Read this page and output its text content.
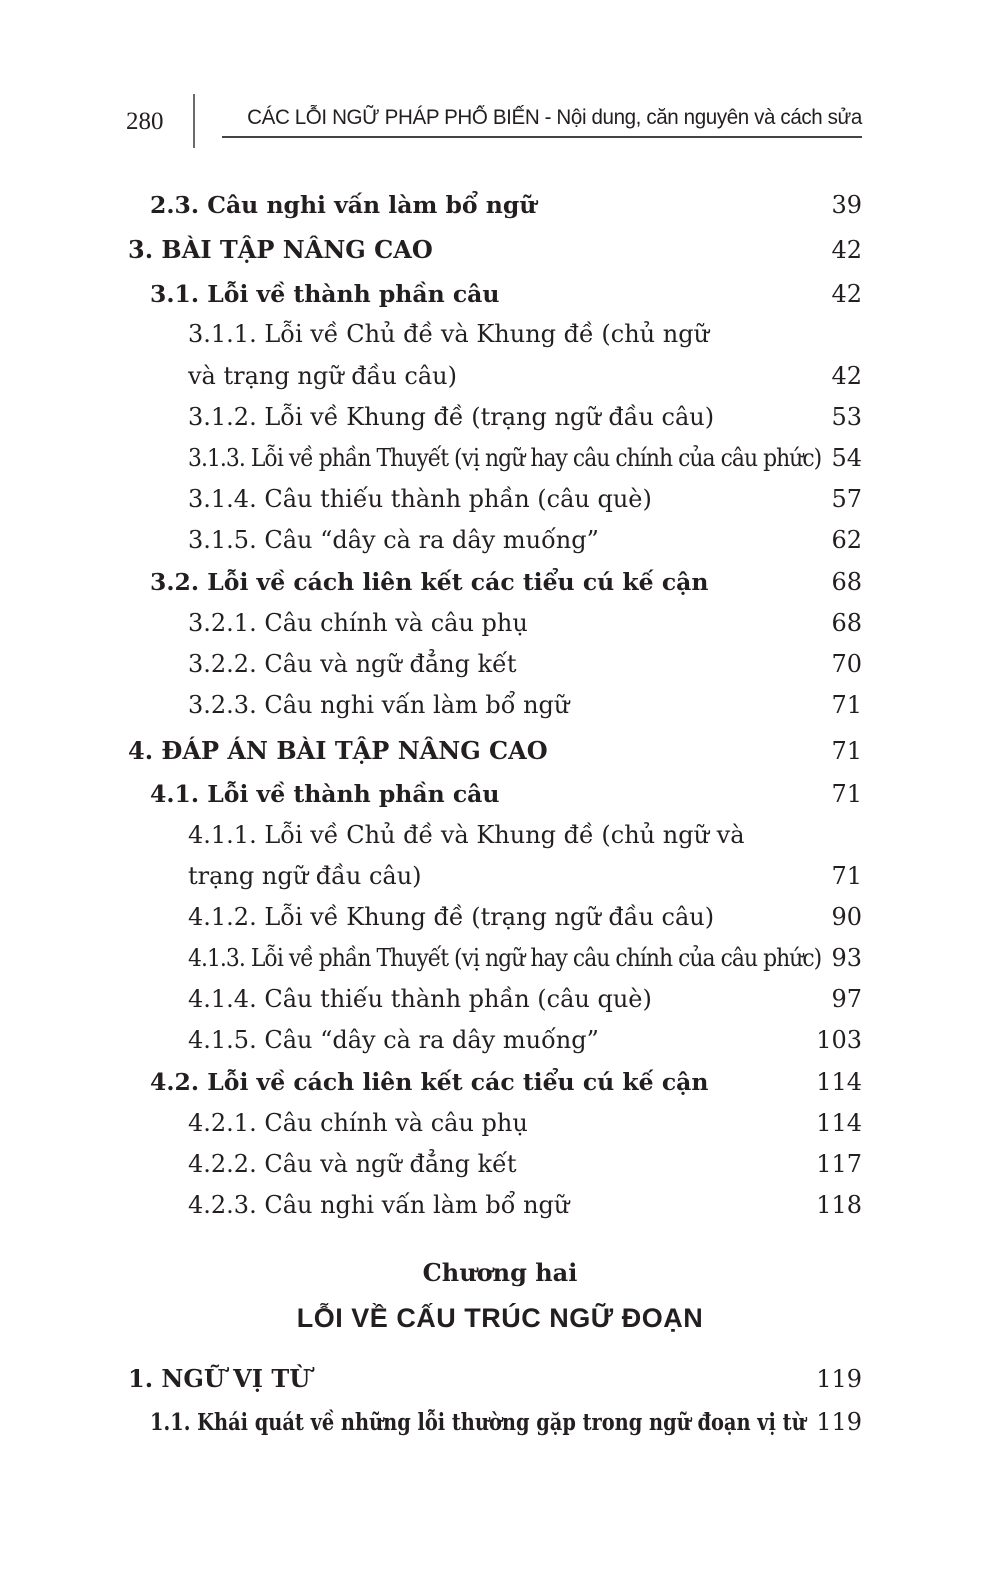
280	CÁC LỖI NGỮ PHÁP PHỔ BIẾN - Nội dung, căn nguyên và cách sửa
2.3. Câu nghi vấn làm bổ ngữ	39
3. BÀI TẬP NÂNG CAO	42
3.1. Lỗi về thành phần câu	42
3.1.1. Lỗi về Chủ đề và Khung đề (chủ ngữ
và trạng ngữ đầu câu)	42
3.1.2. Lỗi về Khung đề (trạng ngữ đầu câu)	53
3.1.3. Lỗi về phần Thuyết (vị ngữ hay câu chính của câu phức) 54
3.1.4. Câu thiếu thành phần (câu què)	57
3.1.5. Câu “dây cà ra dây muống”	62
3.2. Lỗi về cách liên kết các tiểu cú kế cận	68
3.2.1. Câu chính và câu phụ	68
3.2.2. Câu và ngữ đẳng kết	70
3.2.3. Câu nghi vấn làm bổ ngữ	71
4. ĐÁP ÁN BÀI TẬP NÂNG CAO	71
4.1. Lỗi về thành phần câu	71
4.1.1. Lỗi về Chủ đề và Khung đề (chủ ngữ và
trạng ngữ đầu câu)	71
4.1.2. Lỗi về Khung đề (trạng ngữ đầu câu)	90
4.1.3. Lỗi về phần Thuyết (vị ngữ hay câu chính của câu phức) 93
4.1.4. Câu thiếu thành phần (câu què)	97
4.1.5. Câu “dây cà ra dây muống”	103
4.2. Lỗi về cách liên kết các tiểu cú kế cận	114
4.2.1. Câu chính và câu phụ	114
4.2.2. Câu và ngữ đẳng kết	117
4.2.3. Câu nghi vấn làm bổ ngữ	118
Chương hai
LỖI VỀ CẤU TRÚC NGỮ ĐOẠN
1. NGỮ VỊ TỪ	119
1.1. Khái quát về những lỗi thường gặp trong ngữ đoạn vị từ 119
